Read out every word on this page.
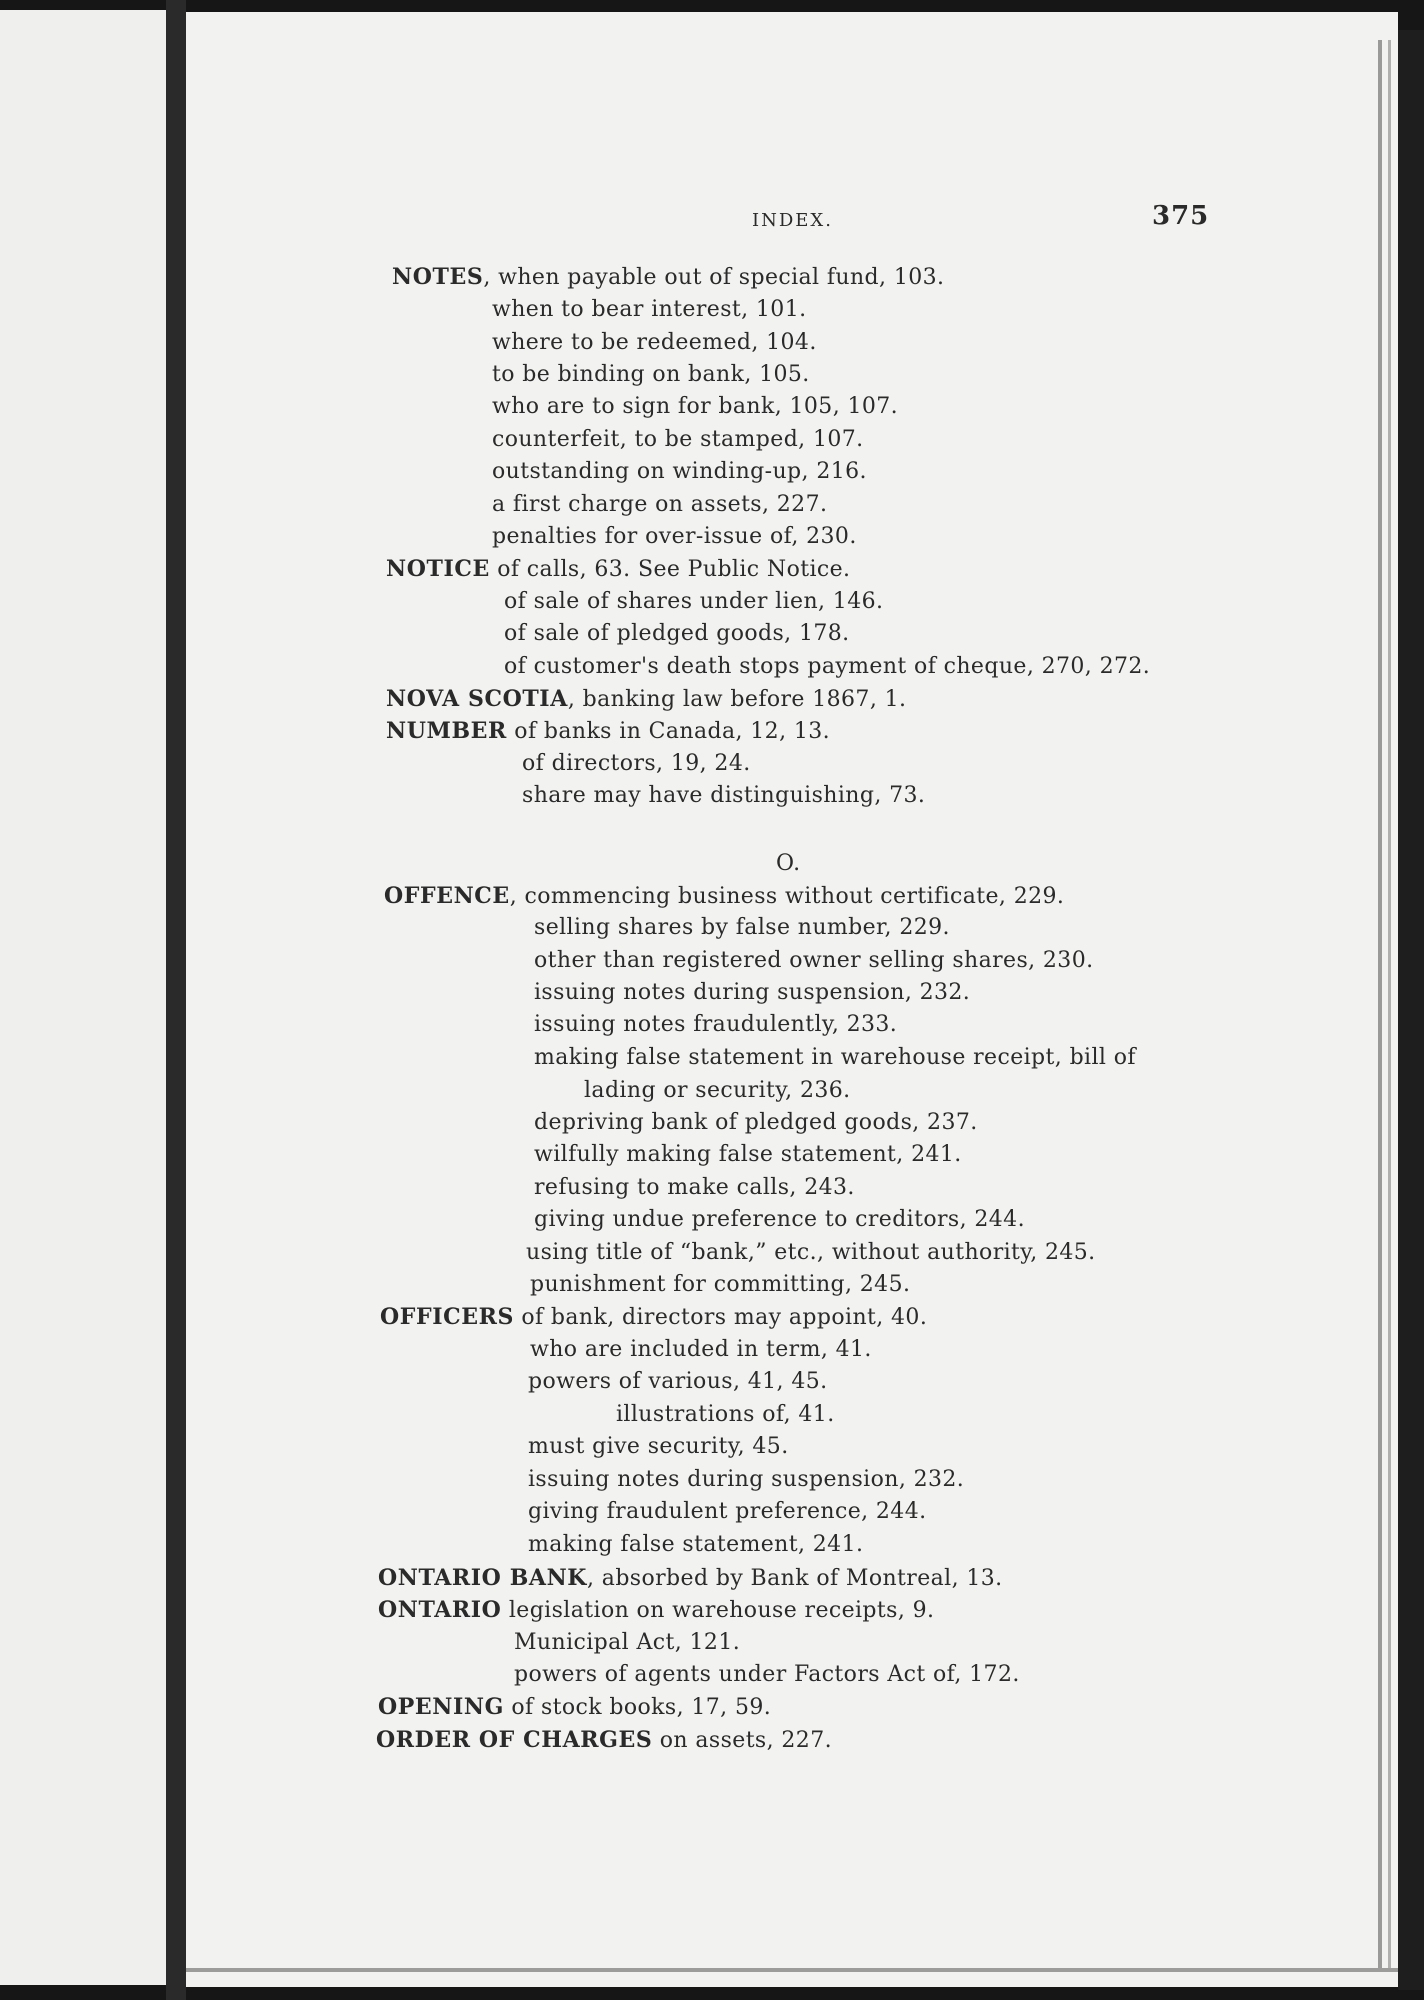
INDEX.	375
O.
NOTES, when payable out of special fund, 103.
when to bear interest, 101.
where to be redeemed, 104.
to be binding on bank, 105.
who are to sign for bank, 105, 107.
counterfeit, to be stamped, 107.
outstanding on winding-up, 216.
a first charge on assets, 227.
penalties for over-issue of, 230.
NOTICE of calls, 63. See Public Notice.
of sale of shares under lien, 146.
of sale of pledged goods, 178.
of customer's death stops payment of cheque, 270, 272.
NOVA SCOTIA, banking law before 1867, 1.
NUMBER of banks in Canada, 12, 13.
of directors, 19, 24.
share may have distinguishing, 73.
OFFENCE, commencing business without certificate, 229.
selling shares by false number, 229.
other than registered owner selling shares, 230.
issuing notes during suspension, 232.
issuing notes fraudulently, 233.
making false statement in warehouse receipt, bill of
lading or security, 236.
depriving bank of pledged goods, 237.
wilfully making false statement, 241.
refusing to make calls, 243.
giving undue preference to creditors, 244.
using title of “bank,” etc., without authority, 245.
punishment for committing, 245.
OFFICERS of bank, directors may appoint, 40.
who are included in term, 41.
powers of various, 41, 45.
illustrations of, 41.
must give security, 45.
issuing notes during suspension, 232.
giving fraudulent preference, 244.
making false statement, 241.
ONTARIO BANK, absorbed by Bank of Montreal, 13.
ONTARIO legislation on warehouse receipts, 9.
Municipal Act, 121.
powers of agents under Factors Act of, 172.
OPENING of stock books, 17, 59.
ORDER OF CHARGES on assets, 227.
